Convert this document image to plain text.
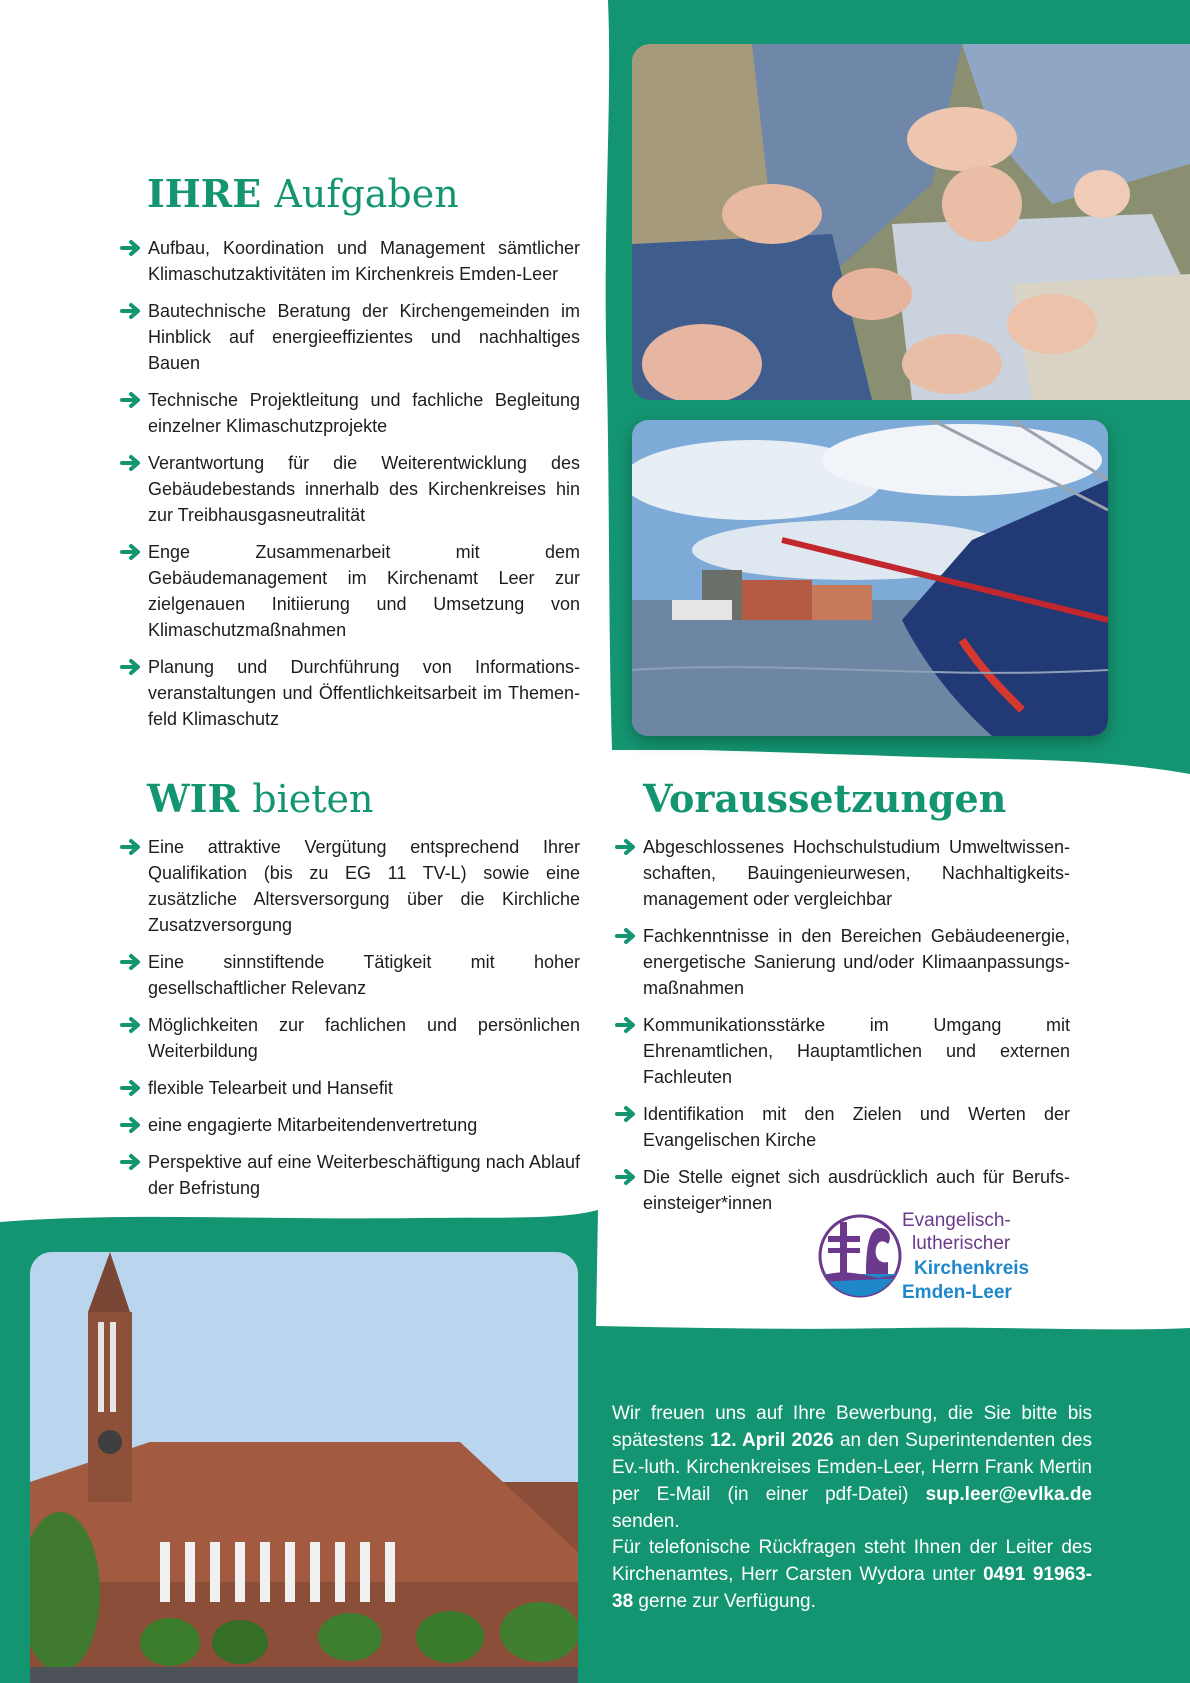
IHRE Aufgaben
Aufbau, Koordination und Management sämtlicher Klimaschutzaktivitäten im Kirchenkreis Emden-Leer
Bautechnische Beratung der Kirchengemeinden im Hinblick auf energieeffizientes und nachhaltiges Bauen
Technische Projektleitung und fachliche Begleitung einzelner Klimaschutzprojekte
Verantwortung für die Weiterentwicklung des Gebäudebestands innerhalb des Kirchenkreises hin zur Treibhausgasneutralität
Enge Zusammenarbeit mit dem Gebäudemanagement im Kirchenamt Leer zur zielgenauen Initiierung und Umsetzung von Klimaschutzmaßnahmen
Planung und Durchführung von Informations-veranstaltungen und Öffentlichkeitsarbeit im Themen-feld Klimaschutz
WIR bieten
Eine attraktive Vergütung entsprechend Ihrer Qualifikation (bis zu EG 11 TV-L) sowie eine zusätzliche Altersversorgung über die Kirchliche Zusatzversorgung
Eine sinnstiftende Tätigkeit mit hoher gesellschaftlicher Relevanz
Möglichkeiten zur fachlichen und persönlichen Weiterbildung
flexible Telearbeit und Hansefit
eine engagierte Mitarbeitendenvertretung
Perspektive auf eine Weiterbeschäftigung nach Ablauf der Befristung
Voraussetzungen
Abgeschlossenes Hochschulstudium Umweltwissen-schaften, Bauingenieurwesen, Nachhaltigkeits-management oder vergleichbar
Fachkenntnisse in den Bereichen Gebäudeenergie, energetische Sanierung und/oder Klimaanpassungs-maßnahmen
Kommunikationsstärke im Umgang mit Ehrenamtlichen, Hauptamtlichen und externen Fachleuten
Identifikation mit den Zielen und Werten der Evangelischen Kirche
Die Stelle eignet sich ausdrücklich auch für Berufs-einsteiger*innen
Evangelisch-
lutherischer
Kirchenkreis
Emden-Leer

Wir freuen uns auf Ihre Bewerbung, die Sie bitte bis spätestens 12. April 2026 an den Superintendenten des Ev.-luth. Kirchenkreises Emden-Leer, Herrn Frank Mertin per E-Mail (in einer pdf-Datei) sup.leer@evlka.de senden.

Für telefonische Rückfragen steht Ihnen der Leiter des Kirchenamtes, Herr Carsten Wydora unter 0491 91963-38 gerne zur Verfügung.
